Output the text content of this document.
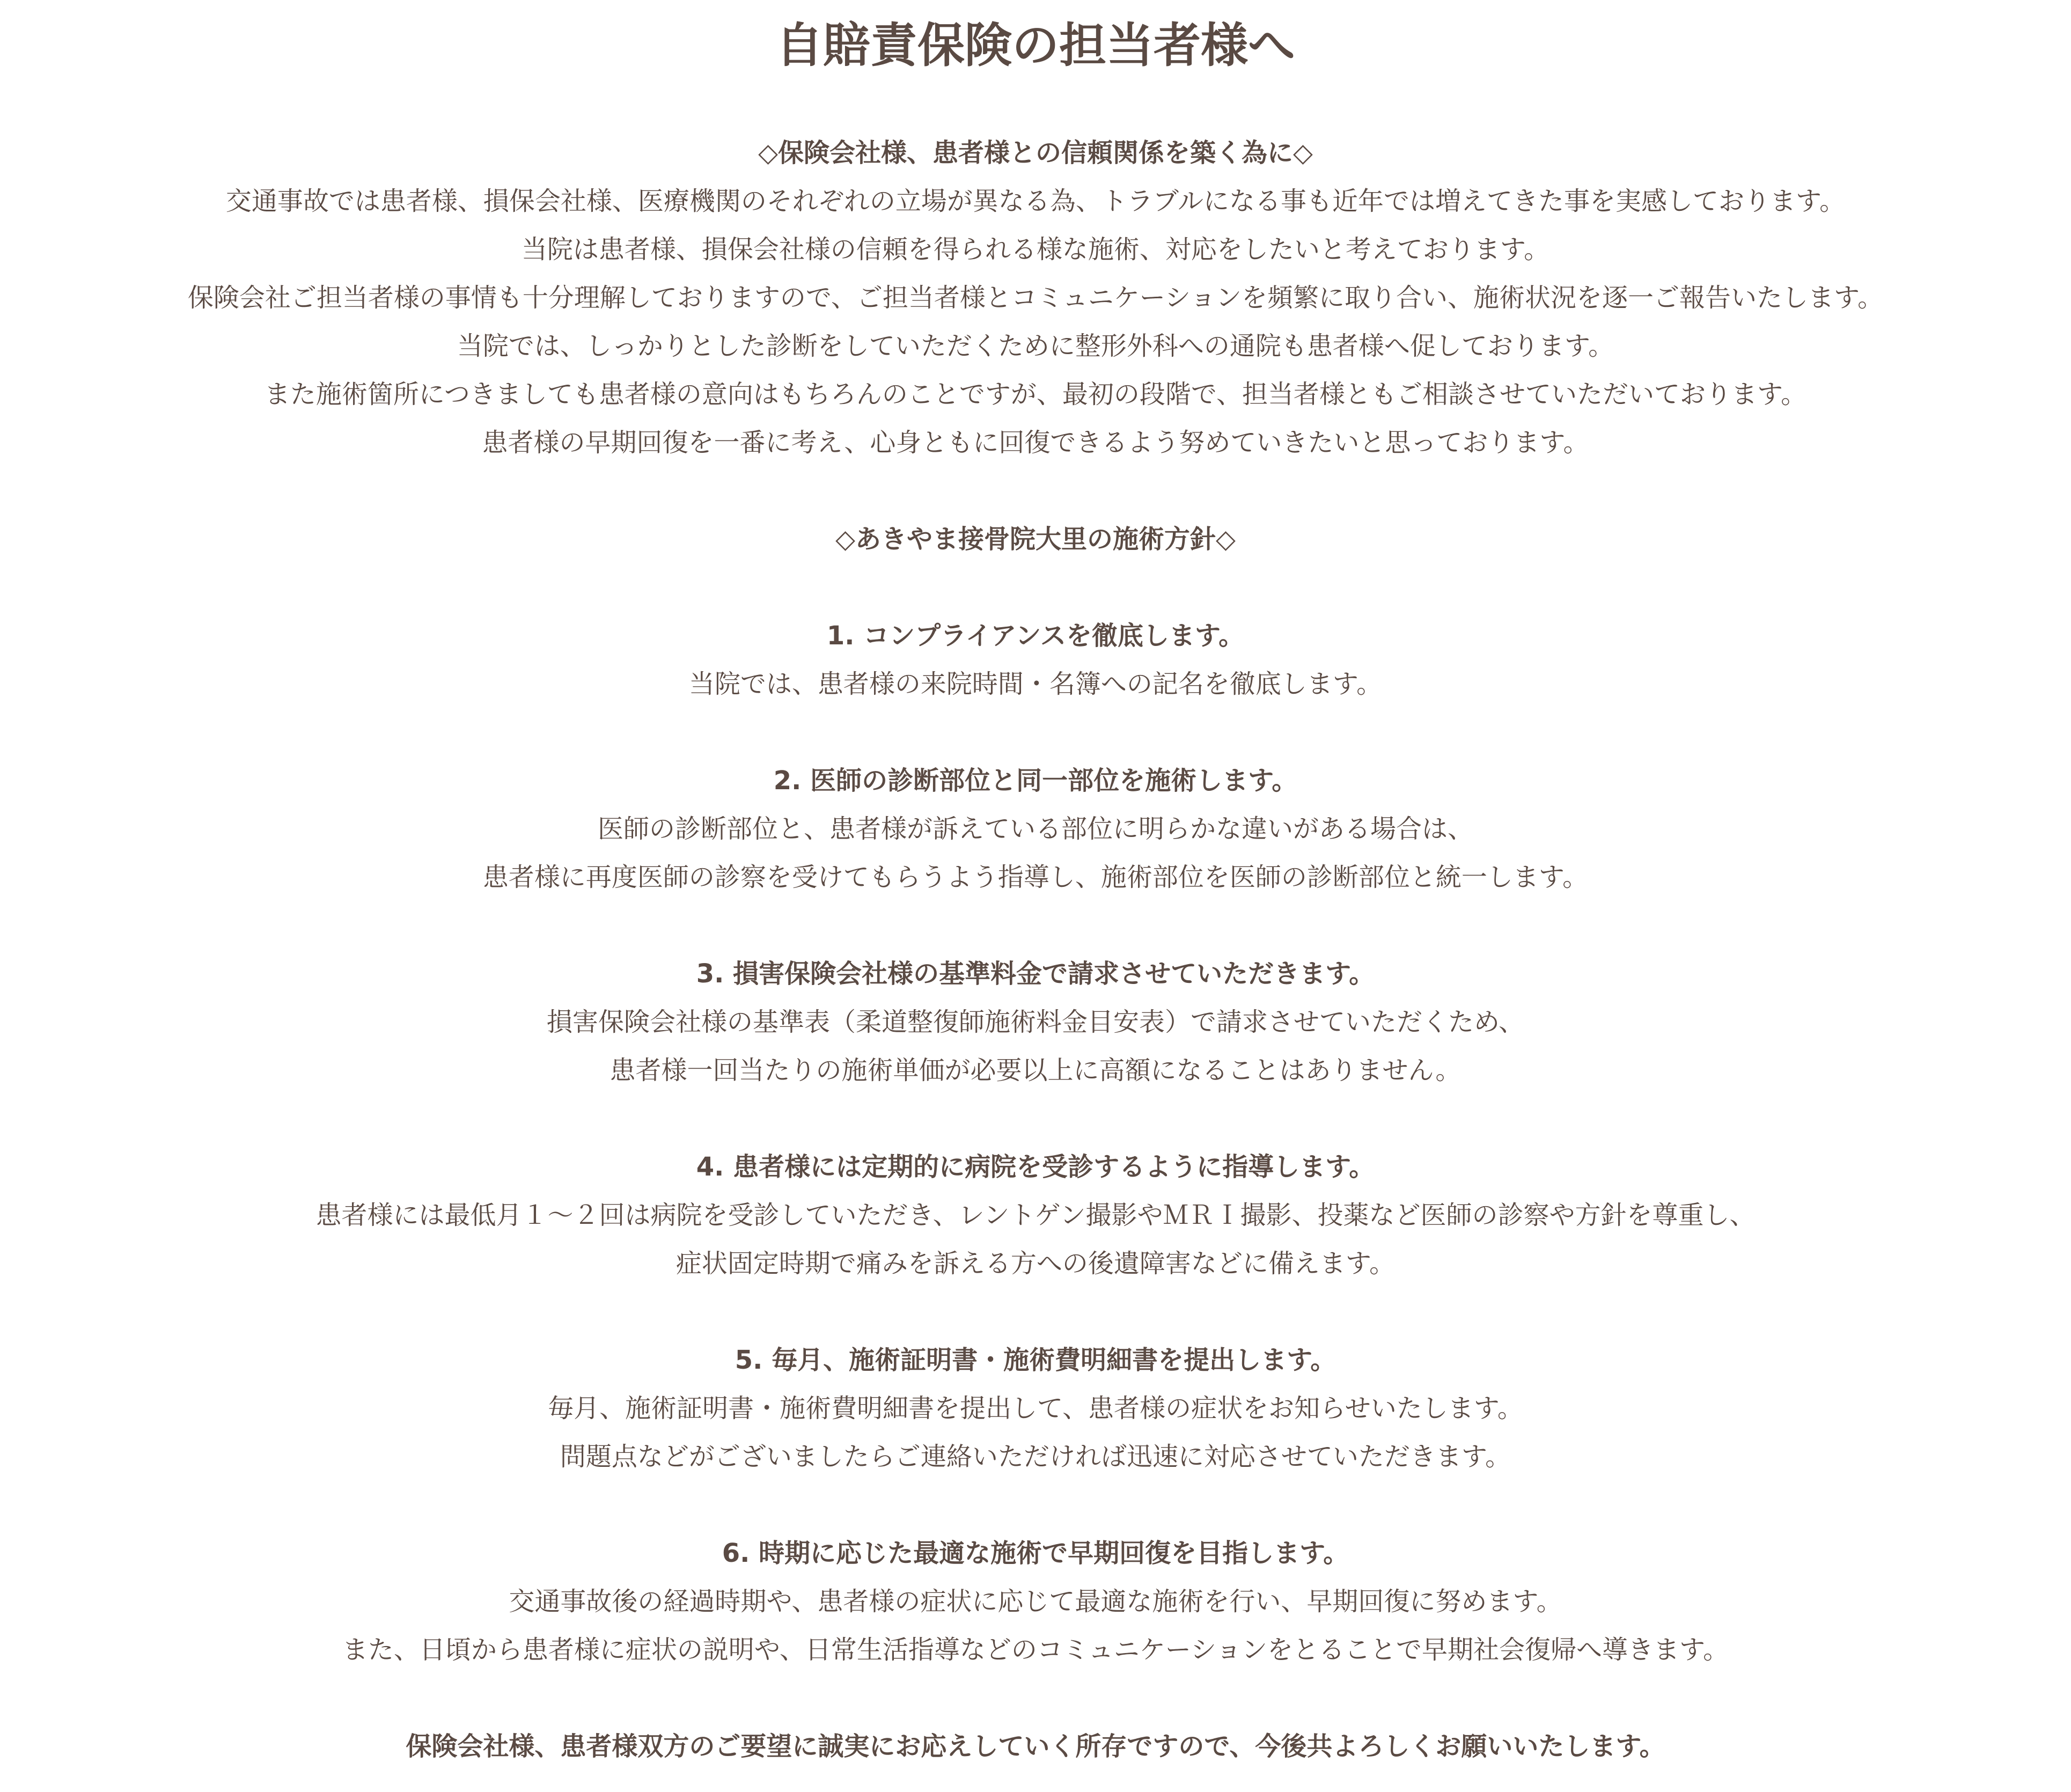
自賠責保険の担当者様へ

◇保険会社様、患者様との信頼関係を築く為に◇

交通事故では患者様、損保会社様、医療機関のそれぞれの立場が異なる為、トラブルになる事も近年では増えてきた事を実感しております。

当院は患者様、損保会社様の信頼を得られる様な施術、対応をしたいと考えております。

保険会社ご担当者様の事情も十分理解しておりますので、ご担当者様とコミュニケーションを頻繁に取り合い、施術状況を逐一ご報告いたします。

当院では、しっかりとした診断をしていただくために整形外科への通院も患者様へ促しております。

また施術箇所につきましても患者様の意向はもちろんのことですが、最初の段階で、担当者様ともご相談させていただいております。

患者様の早期回復を一番に考え、心身ともに回復できるよう努めていきたいと思っております。

◇あきやま接骨院大里の施術方針◇

1. コンプライアンスを徹底します。

当院では、患者様の来院時間・名簿への記名を徹底します。

2. 医師の診断部位と同一部位を施術します。

医師の診断部位と、患者様が訴えている部位に明らかな違いがある場合は、

患者様に再度医師の診察を受けてもらうよう指導し、施術部位を医師の診断部位と統一します。

3. 損害保険会社様の基準料金で請求させていただきます。

損害保険会社様の基準表（柔道整復師施術料金目安表）で請求させていただくため、

患者様一回当たりの施術単価が必要以上に高額になることはありません。

4. 患者様には定期的に病院を受診するように指導します。

患者様には最低月１～２回は病院を受診していただき、レントゲン撮影やＭＲＩ撮影、投薬など医師の診察や方針を尊重し、

症状固定時期で痛みを訴える方への後遺障害などに備えます。

5. 毎月、施術証明書・施術費明細書を提出します。

毎月、施術証明書・施術費明細書を提出して、患者様の症状をお知らせいたします。

問題点などがございましたらご連絡いただければ迅速に対応させていただきます。

6. 時期に応じた最適な施術で早期回復を目指します。

交通事故後の経過時期や、患者様の症状に応じて最適な施術を行い、早期回復に努めます。

また、日頃から患者様に症状の説明や、日常生活指導などのコミュニケーションをとることで早期社会復帰へ導きます。

保険会社様、患者様双方のご要望に誠実にお応えしていく所存ですので、今後共よろしくお願いいたします。
